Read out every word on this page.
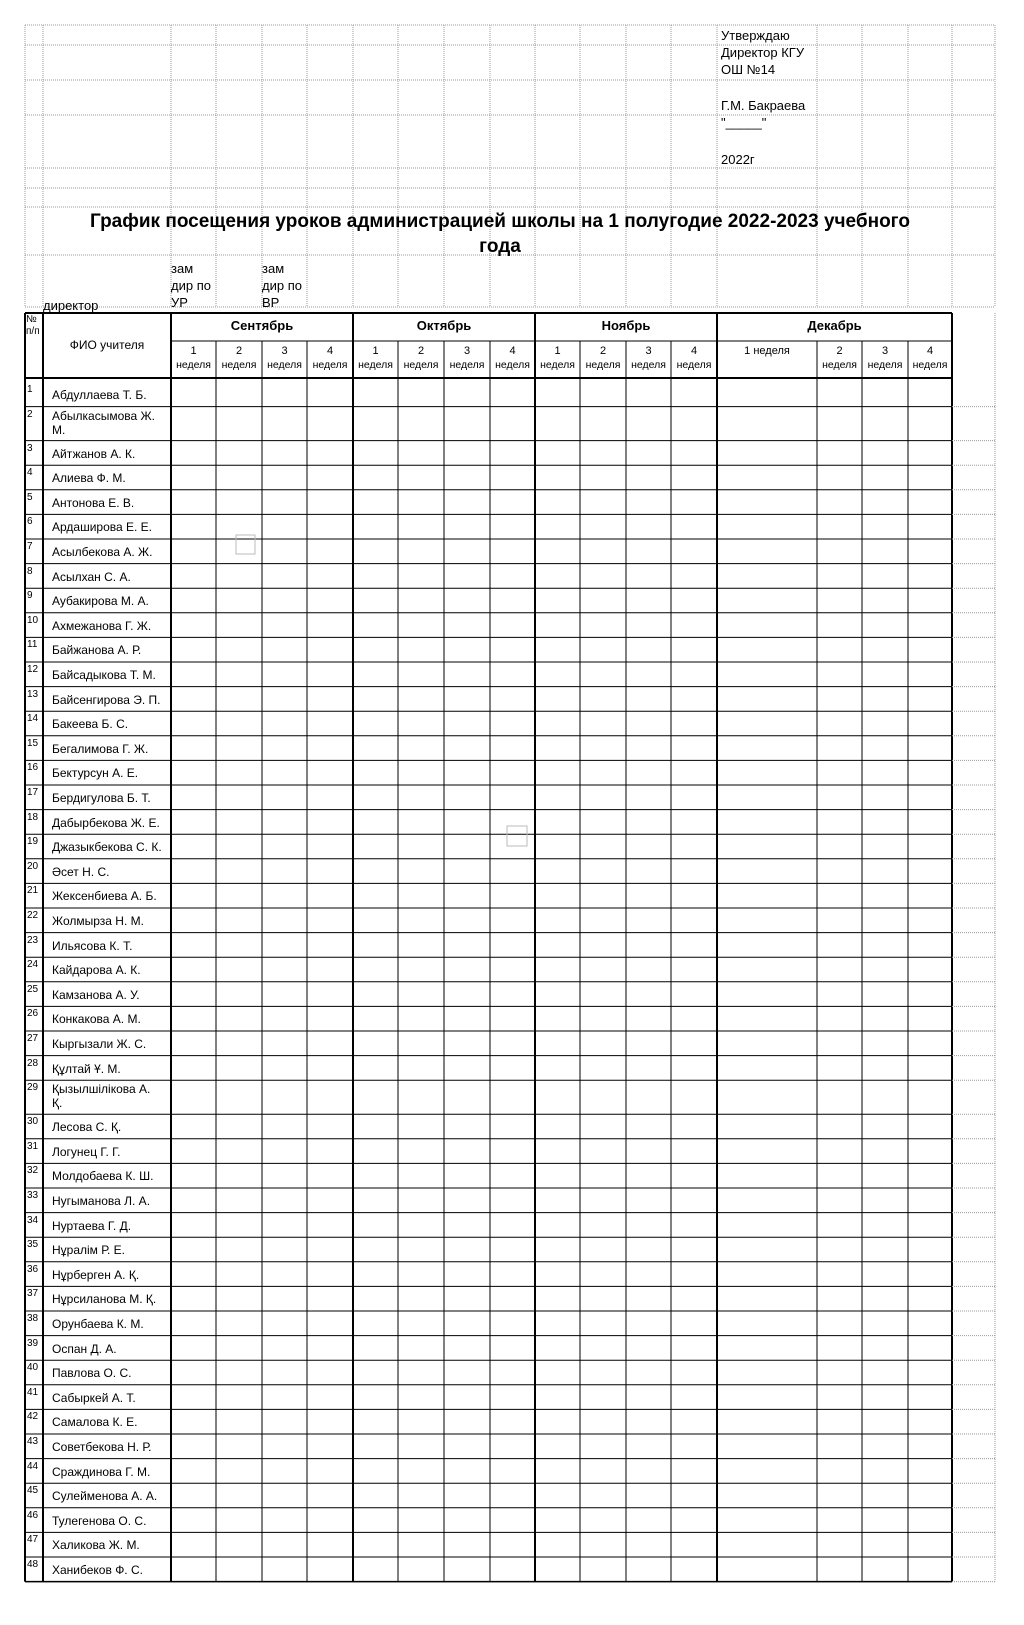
Утверждаю
Директор КГУ
ОШ №14
Г.М. Бакраева
"_____"
2022г
График посещения уроков администрацией школы на 1 полугодие 2022-2023 учебного
года
директор
зам
дир по
УР
зам
дир по
ВР
№
п/п
ФИО учителя
Сентябрь
1
неделя
2
неделя
3
неделя
4
неделя
Октябрь
1
неделя
2
неделя
3
неделя
4
неделя
Ноябрь
1
неделя
2
неделя
3
неделя
4
неделя
Декабрь
1 неделя	2
неделя
3
неделя
4
неделя
1 Абдуллаева Т. Б.
2 Абылкасымова Ж.
М.
3 Айтжанов А. К.
4 Алиева Ф. М.
5 Антонова Е. В.
6 Ардаширова Е. Е.
7 Асылбекова А. Ж.
8 Асылхан С. А.
9 Аубакирова М. А.
10 Ахмежанова Г. Ж.
11 Байжанова А. Р.
12 Байсадыкова Т. М.
13 Байсенгирова Э. П.
14 Бакеева Б. С.
15 Бегалимова Г. Ж.
16 Бектурсун А. Е.
17 Бердигулова Б. Т.
18 Дабырбекова Ж. Е.
19 Джазыкбекова С. К.
20 Әсет Н. С.
21 Жексенбиева А. Б.
22 Жолмырза Н. М.
23 Ильясова К. Т.
24 Кайдарова А. К.
25 Камзанова А. У.
26 Конкакова А. М.
27 Кыргызали Ж. С.
28 Құлтай Ұ. М.
29 Қызылшілікова А.
Қ.
30 Лесова С. Қ.
31 Логунец Г. Г.
32 Молдобаева К. Ш.
33 Нугыманова Л. А.
34 Нуртаева Г. Д.
35 Нұралім Р. Е.
36 Нұрберген А. Қ.
37 Нұрсиланова М. Қ.
38 Орунбаева К. М.
39 Оспан Д. А.
40 Павлова О. С.
41 Сабыркей А. Т.
42 Самалова К. Е.
43 Советбекова Н. Р.
44 Сраждинова Г. М.
45 Сулейменова А. А.
46 Тулегенова О. С.
47 Халикова Ж. М.
48 Ханибеков Ф. С.
